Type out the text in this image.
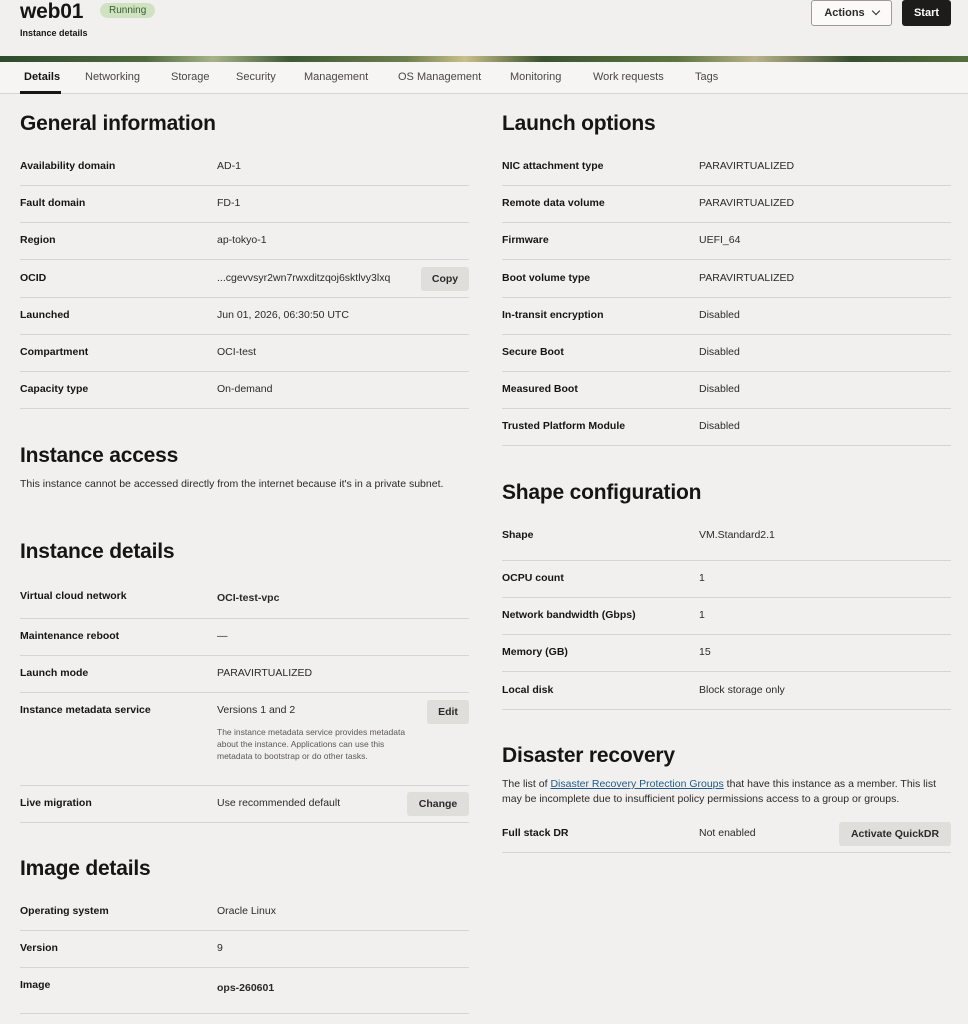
web01	Running
Instance details
Actions	Start
Details Networking	Storage Security	Management	OS Management	Monitoring	Work requests	Tags
General information
Availability domain	AD-1
Fault domain	FD-1
Region	ap-tokyo-1
OCID	...cgevvsyr2wn7rwxditzqoj6sktlvy3lxq	Copy
Launched	Jun 01, 2026, 06:30:50 UTC
Compartment	OCI-test
Capacity type	On-demand
Instance access
This instance cannot be accessed directly from the internet because it's in a private subnet.
Instance details
Virtual cloud network	OCI-test-vpc
Maintenance reboot	—
Launch mode	PARAVIRTUALIZED
Instance metadata service	Versions 1 and 2
The instance metadata service provides metadata about the instance. Applications can use this metadata to bootstrap or do other tasks.
Edit
Live migration	Use recommended default	Change
Image details
Operating system	Oracle Linux
Version	9
Image	ops-260601
Launch options
NIC attachment type	PARAVIRTUALIZED
Remote data volume	PARAVIRTUALIZED
Firmware	UEFI_64
Boot volume type	PARAVIRTUALIZED
In-transit encryption	Disabled
Secure Boot	Disabled
Measured Boot	Disabled
Trusted Platform Module	Disabled
Shape configuration
Shape	VM.Standard2.1
OCPU count	1
Network bandwidth (Gbps)	1
Memory (GB)	15
Local disk	Block storage only
Disaster recovery
The list of Disaster Recovery Protection Groups that have this instance as a member. This list may be incomplete due to insufficient policy permissions access to a group or groups.
Full stack DR	Not enabled	Activate QuickDR
